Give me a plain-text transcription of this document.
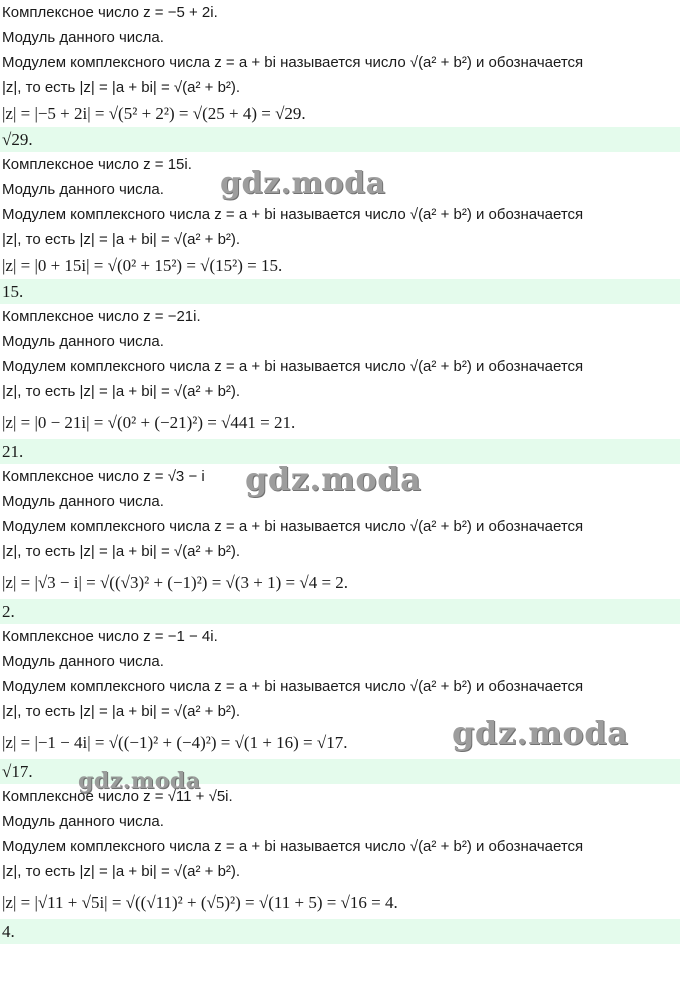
Комплексное число z = −5 + 2i.
Модуль данного числа.
Модулем комплексного числа z = a + bi называется число √(a² + b²) и обозначается
|z|, то есть |z| = |a + bi| = √(a² + b²).
|z| = |−5 + 2i| = √(5² + 2²) = √(25 + 4) = √29.
√29.
Комплексное число z = 15i.
Модуль данного числа.
Модулем комплексного числа z = a + bi называется число √(a² + b²) и обозначается
|z|, то есть |z| = |a + bi| = √(a² + b²).
|z| = |0 + 15i| = √(0² + 15²) = √(15²) = 15.
15.
Комплексное число z = −21i.
Модуль данного числа.
Модулем комплексного числа z = a + bi называется число √(a² + b²) и обозначается
|z|, то есть |z| = |a + bi| = √(a² + b²).
|z| = |0 − 21i| = √(0² + (−21)²) = √441 = 21.
21.
Комплексное число z = √3 − i
Модуль данного числа.
Модулем комплексного числа z = a + bi называется число √(a² + b²) и обозначается
|z|, то есть |z| = |a + bi| = √(a² + b²).
|z| = |√3 − i| = √((√3)² + (−1)²) = √(3 + 1) = √4 = 2.
2.
Комплексное число z = −1 − 4i.
Модуль данного числа.
Модулем комплексного числа z = a + bi называется число √(a² + b²) и обозначается
|z|, то есть |z| = |a + bi| = √(a² + b²).
|z| = |−1 − 4i| = √((−1)² + (−4)²) = √(1 + 16) = √17.
√17.
Комплексное число z = √11 + √5i.
Модуль данного числа.
Модулем комплексного числа z = a + bi называется число √(a² + b²) и обозначается
|z|, то есть |z| = |a + bi| = √(a² + b²).
|z| = |√11 + √5i| = √((√11)² + (√5)²) = √(11 + 5) = √16 = 4.
4.
gdz.moda
gdz.moda
gdz.moda
gdz.moda
